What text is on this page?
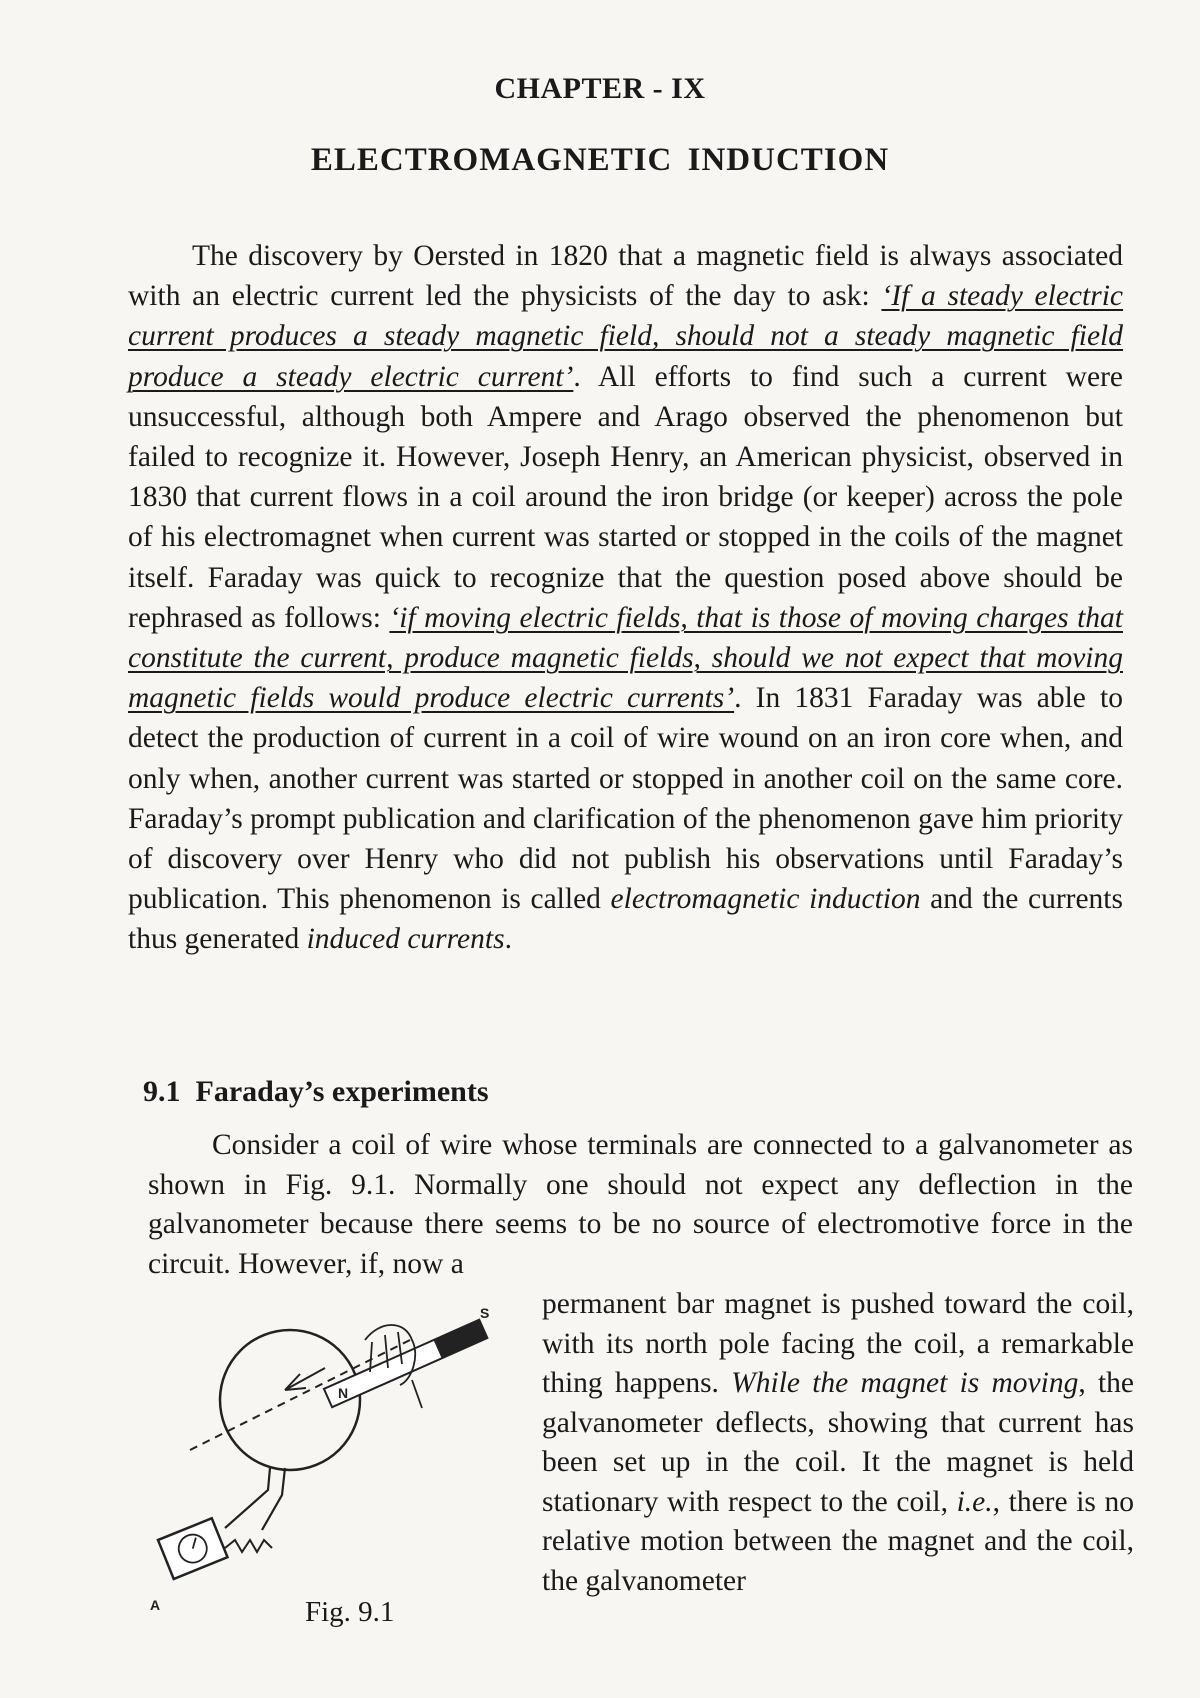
CHAPTER - IX
ELECTROMAGNETIC INDUCTION

The discovery by Oersted in 1820 that a magnetic field is always associated with an electric current led the physicists of the day to ask: ‘If a steady electric current produces a steady magnetic field, should not a steady magnetic field produce a steady electric current’. All efforts to find such a current were unsuccessful, although both Ampere and Arago observed the phenomenon but failed to recognize it. However, Joseph Henry, an American physicist, observed in 1830 that current flows in a coil around the iron bridge (or keeper) across the pole of his electromagnet when current was started or stopped in the coils of the magnet itself. Faraday was quick to recognize that the question posed above should be rephrased as follows: ‘if moving electric fields, that is those of moving charges that constitute the current, produce magnetic fields, should we not expect that moving magnetic fields would produce electric currents’. In 1831 Faraday was able to detect the production of current in a coil of wire wound on an iron core when, and only when, another current was started or stopped in another coil on the same core. Faraday’s prompt publication and clarification of the phenomenon gave him priority of discovery over Henry who did not publish his observations until Faraday’s publication. This phenomenon is called electromagnetic induction and the currents thus generated induced currents.

9.1  Faraday’s experiments

Consider a coil of wire whose terminals are connected to a galvanometer as shown in Fig. 9.1. Normally one should not expect any deflection in the galvanometer because there seems to be no source of electromotive force in the circuit. However, if, now a

permanent bar magnet is pushed toward the coil, with its north pole facing the coil, a remarkable thing happens. While the magnet is moving, the galvanometer deflects, showing that current has been set up in the coil. It the magnet is held stationary with respect to the coil, i.e., there is no relative motion between the magnet and the coil, the galvanometer

A
S
N
Fig. 9.1
